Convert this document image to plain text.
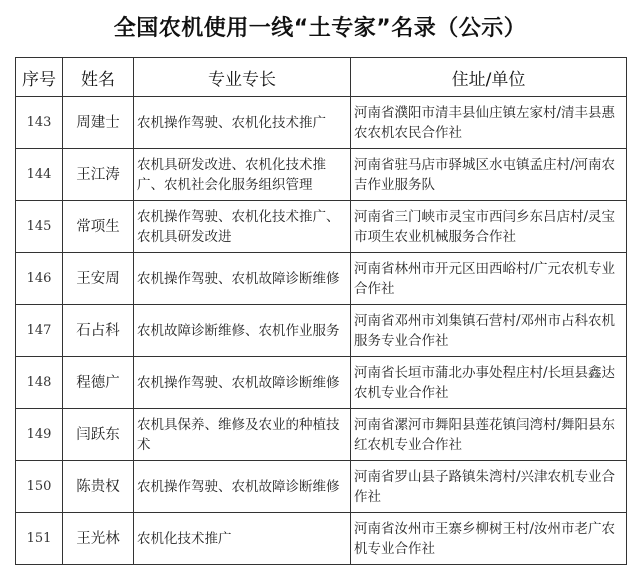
全国农机使用一线“土专家”名录（公示）
序号	姓名	专业专长	住址/单位
143	周建士	农机操作驾驶、农机化技术推广	河南省濮阳市清丰县仙庄镇左家村/清丰县惠农农机农民合作社
144	王江涛	农机具研发改进、农机化技术推广、农机社会化服务组织管理	河南省驻马店市驿城区水屯镇孟庄村/河南农吉作业服务队
145	常项生	农机操作驾驶、农机化技术推广、农机具研发改进	河南省三门峡市灵宝市西闫乡东吕店村/灵宝市项生农业机械服务合作社
146	王安周	农机操作驾驶、农机故障诊断维修	河南省林州市开元区田西峪村/广元农机专业合作社
147	石占科	农机故障诊断维修、农机作业服务	河南省邓州市刘集镇石营村/邓州市占科农机服务专业合作社
148	程德广	农机操作驾驶、农机故障诊断维修	河南省长垣市蒲北办事处程庄村/长垣县鑫达农机专业合作社
149	闫跃东	农机具保养、维修及农业的种植技术	河南省漯河市舞阳县莲花镇闫湾村/舞阳县东红农机专业合作社
150	陈贵权	农机操作驾驶、农机故障诊断维修	河南省罗山县子路镇朱湾村/兴津农机专业合作社
151	王光林	农机化技术推广	河南省汝州市王寨乡柳树王村/汝州市老广农机专业合作社
